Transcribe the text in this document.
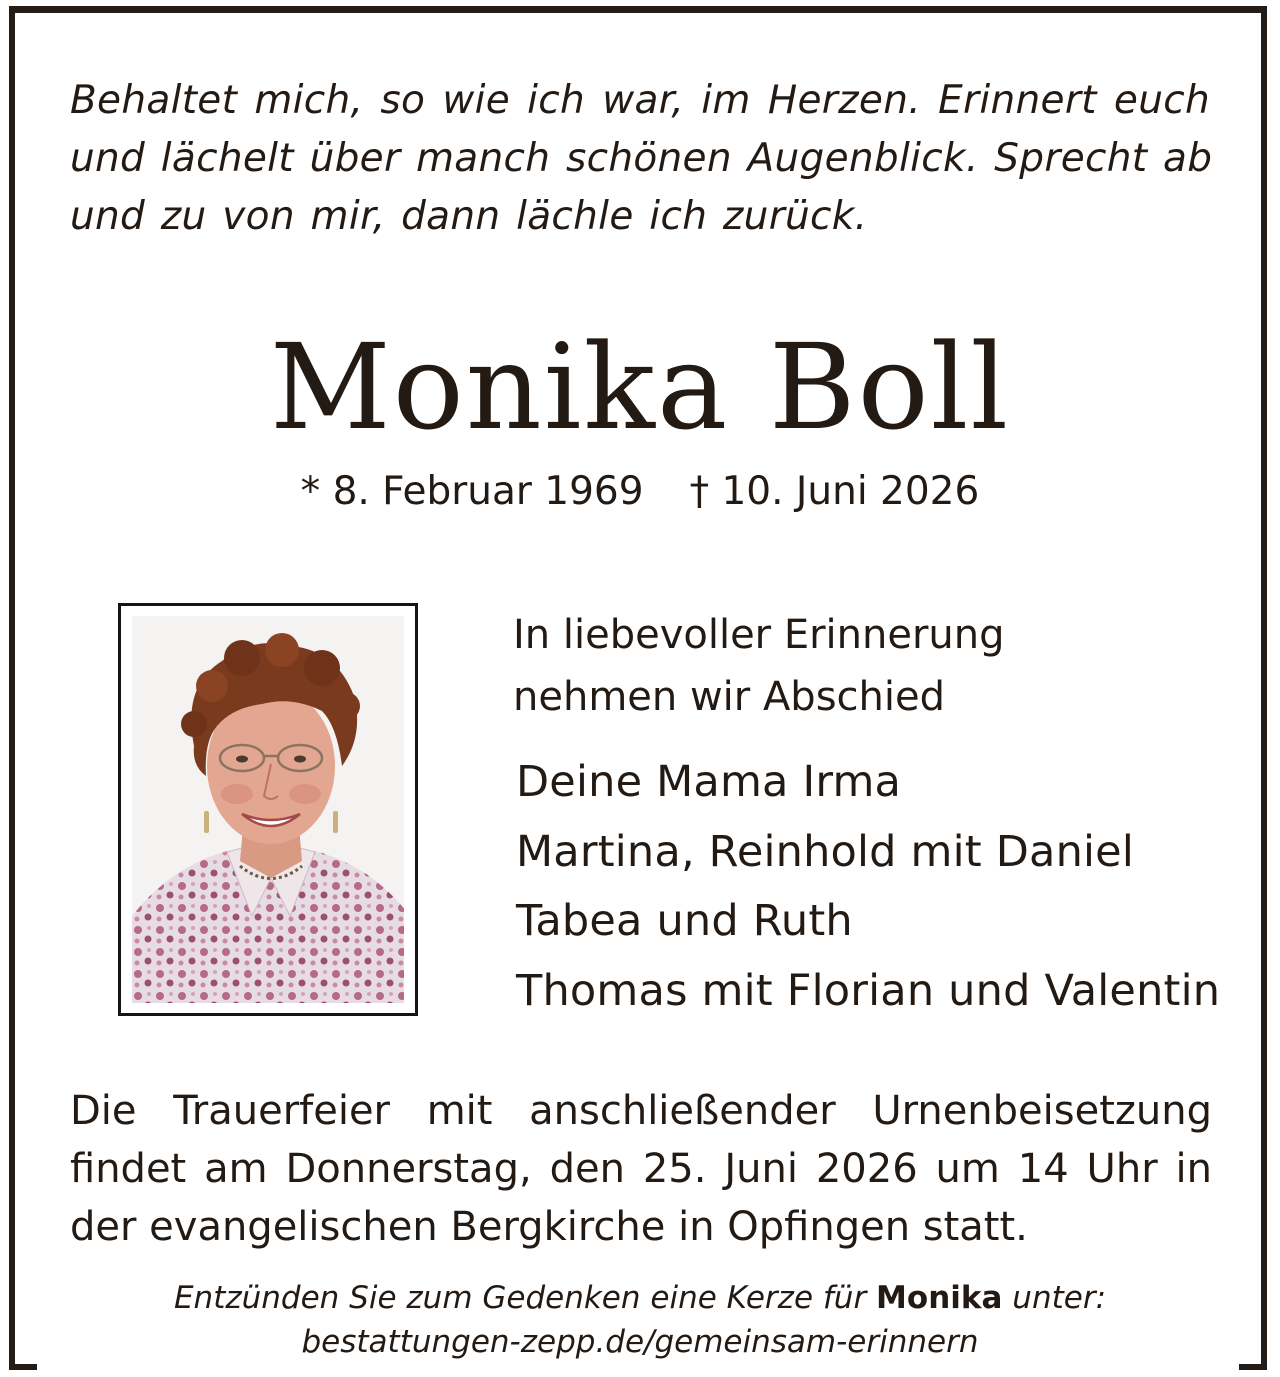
Behaltet mich, so wie ich war, im Herzen. Erinnert euch
und lächelt über manch schönen Augenblick. Sprecht ab
und zu von mir, dann lächle ich zurück.
Monika Boll
* 8. Februar 1969 † 10. Juni 2026
In liebevoller Erinnerung
nehmen wir Abschied
Deine Mama Irma
Martina, Reinhold mit Daniel
Tabea und Ruth
Thomas mit Florian und Valentin
Die Trauerfeier mit anschließender Urnenbeisetzung
findet am Donnerstag, den 25. Juni 2026 um 14 Uhr in
der evangelischen Bergkirche in Opfingen statt.
Entzünden Sie zum Gedenken eine Kerze für Monika unter:
bestattungen-zepp.de/gemeinsam-erinnern
